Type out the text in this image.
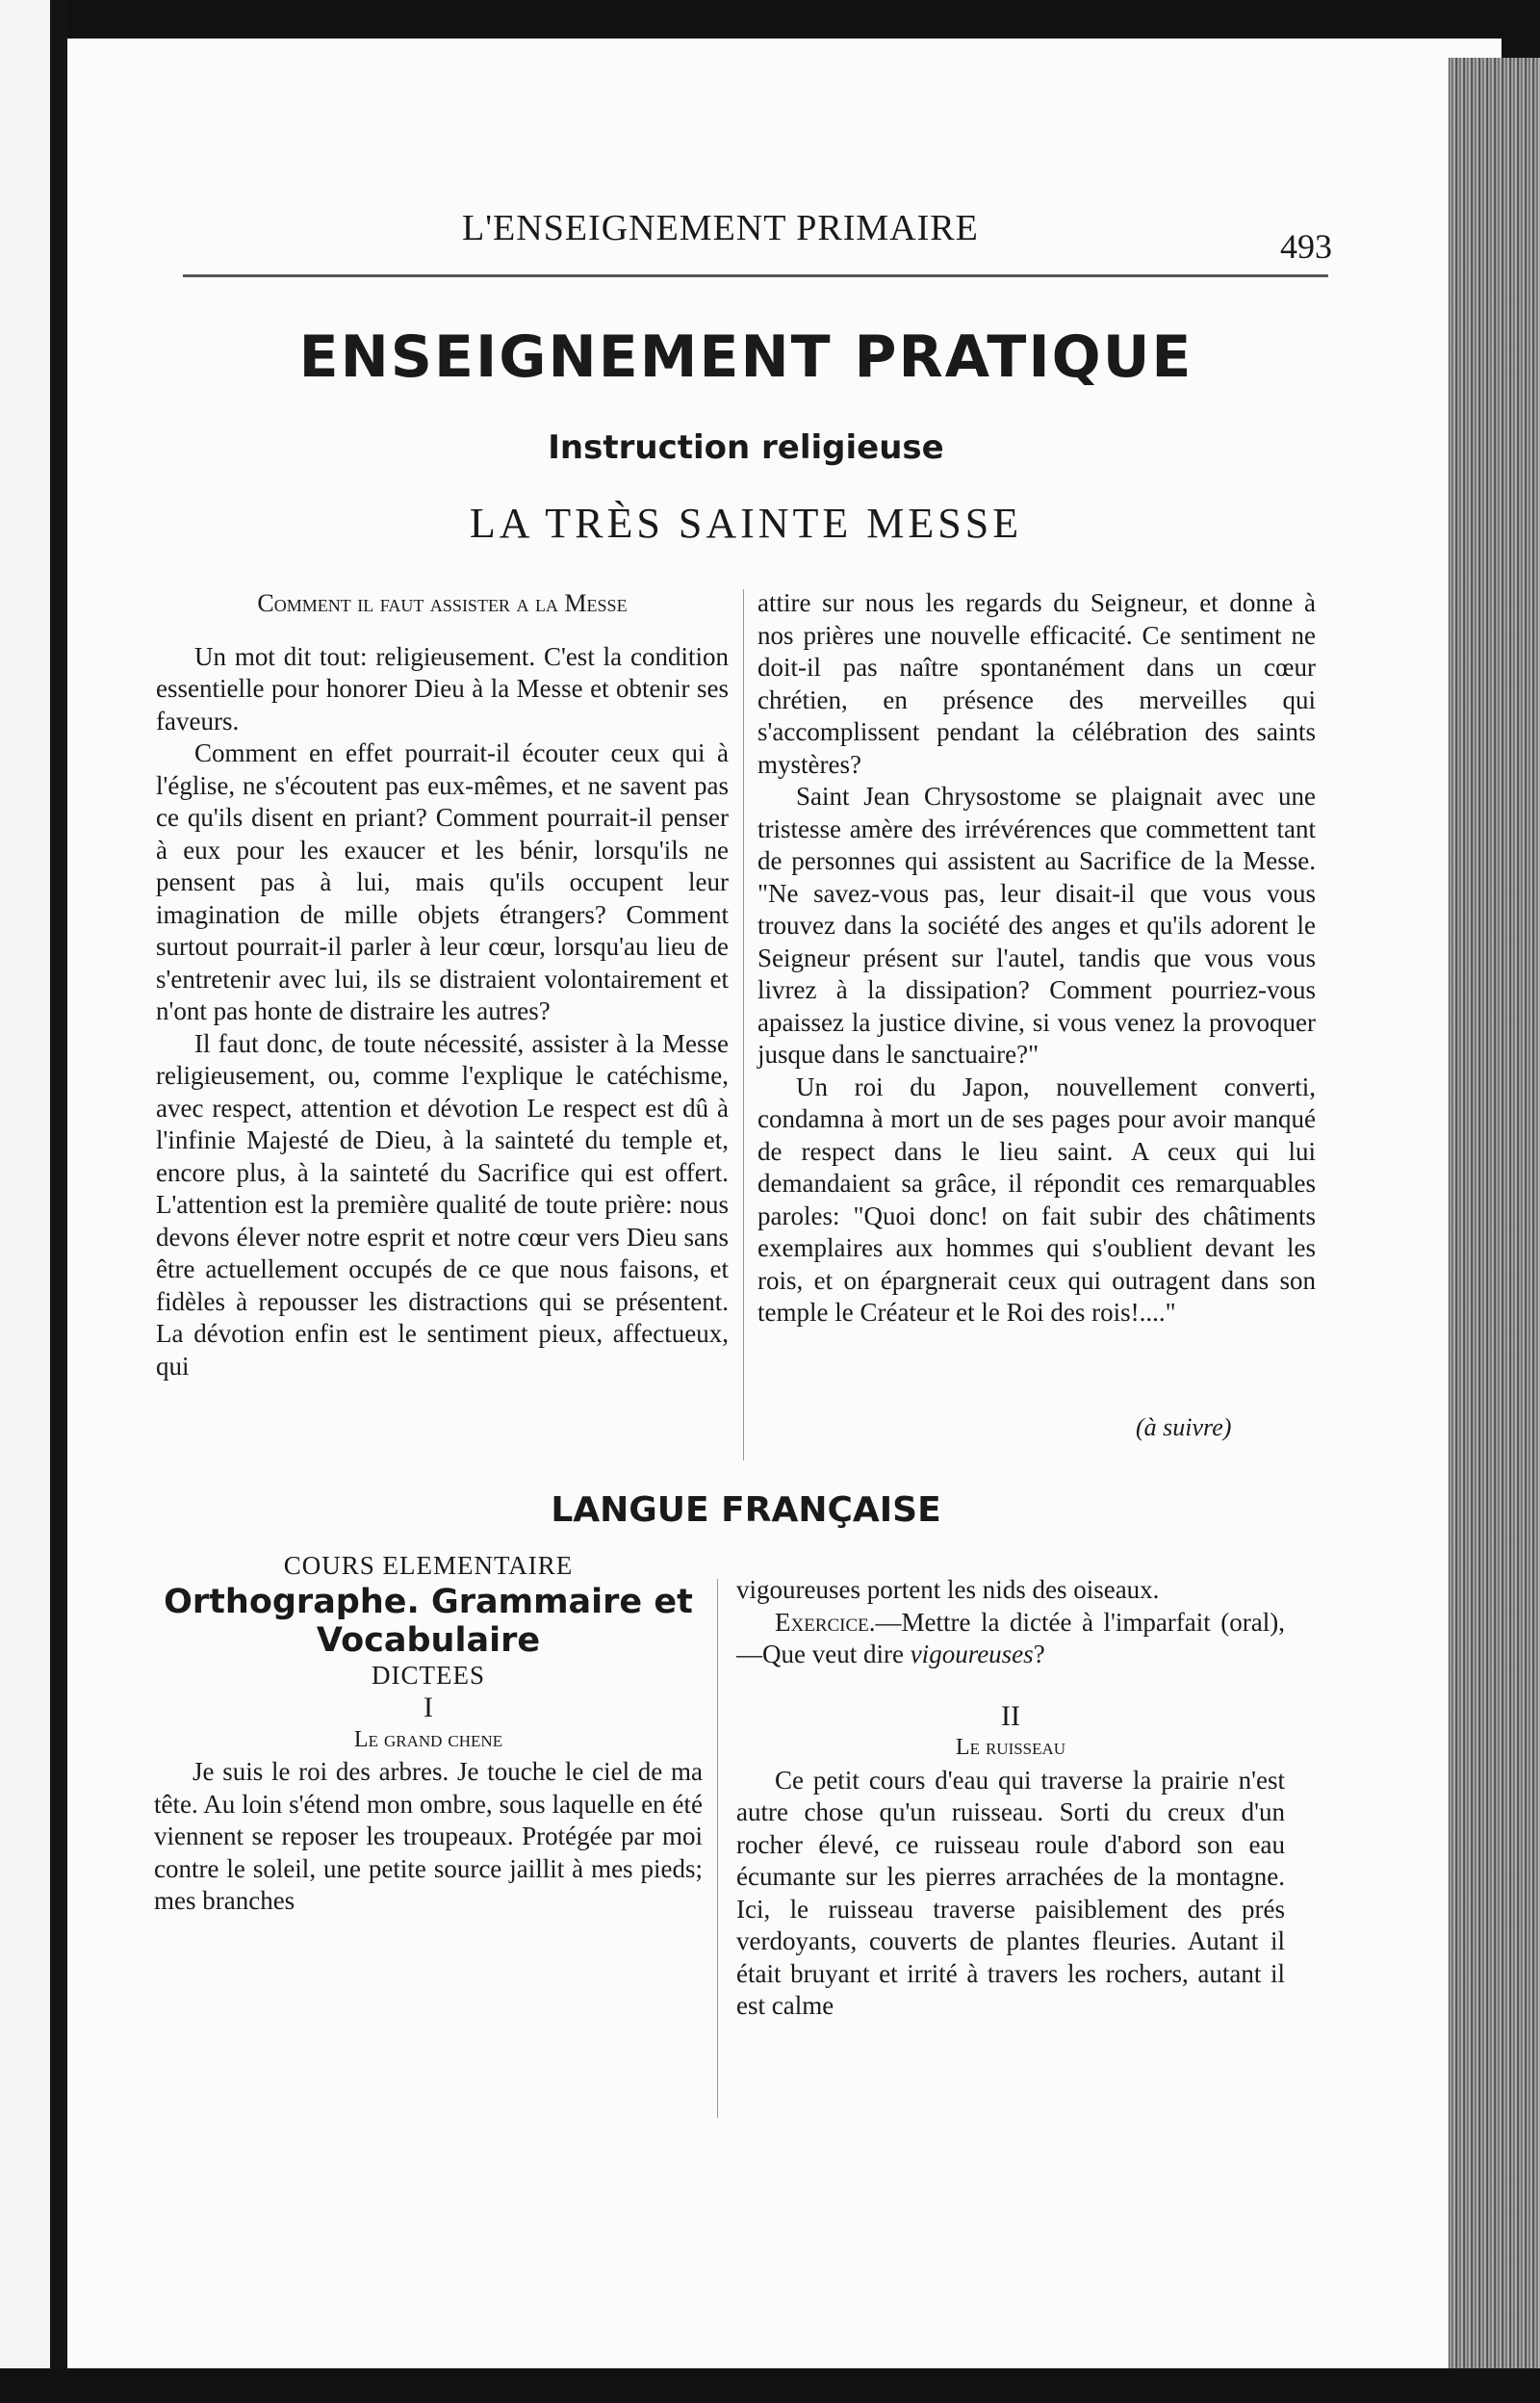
L'ENSEIGNEMENT PRIMAIRE	493
ENSEIGNEMENT PRATIQUE
Instruction religieuse
LA TRÈS SAINTE MESSE

Comment il faut assister a la Messe

Un mot dit tout: religieusement. C'est la condition essentielle pour honorer Dieu à la Messe et obtenir ses faveurs.

Comment en effet pourrait-il écouter ceux qui à l'église, ne s'écoutent pas eux-mêmes, et ne savent pas ce qu'ils disent en priant? Comment pourrait-il penser à eux pour les exaucer et les bénir, lorsqu'ils ne pensent pas à lui, mais qu'ils occupent leur imagination de mille objets étrangers? Comment surtout pourrait-il parler à leur cœur, lorsqu'au lieu de s'entretenir avec lui, ils se distraient volontairement et n'ont pas honte de distraire les autres?

Il faut donc, de toute nécessité, assister à la Messe religieusement, ou, comme l'explique le catéchisme, avec respect, attention et dévotion Le respect est dû à l'infinie Majesté de Dieu, à la sainteté du temple et, encore plus, à la sainteté du Sacrifice qui est offert. L'attention est la première qualité de toute prière: nous devons élever notre esprit et notre cœur vers Dieu sans être actuellement occupés de ce que nous faisons, et fidèles à repousser les distractions qui se présentent. La dévotion enfin est le sentiment pieux, affectueux, qui

attire sur nous les regards du Seigneur, et donne à nos prières une nouvelle efficacité. Ce sentiment ne doit-il pas naître spontanément dans un cœur chrétien, en présence des merveilles qui s'accomplissent pendant la célébration des saints mystères?

Saint Jean Chrysostome se plaignait avec une tristesse amère des irrévérences que commettent tant de personnes qui assistent au Sacrifice de la Messe. "Ne savez-vous pas, leur disait-il que vous vous trouvez dans la société des anges et qu'ils adorent le Seigneur présent sur l'autel, tandis que vous vous livrez à la dissipation? Comment pourriez-vous apaissez la justice divine, si vous venez la provoquer jusque dans le sanctuaire?"

Un roi du Japon, nouvellement converti, condamna à mort un de ses pages pour avoir manqué de respect dans le lieu saint. A ceux qui lui demandaient sa grâce, il répondit ces remarquables paroles: "Quoi donc! on fait subir des châtiments exemplaires aux hommes qui s'oublient devant les rois, et on épargnerait ceux qui outragent dans son temple le Créateur et le Roi des rois!...."

(à suivre)
LANGUE FRANÇAISE

COURS ELEMENTAIRE

Orthographe. Grammaire et Vocabulaire

DICTEES

I

Le grand chene

Je suis le roi des arbres. Je touche le ciel de ma tête. Au loin s'étend mon ombre, sous laquelle en été viennent se reposer les troupeaux. Protégée par moi contre le soleil, une petite source jaillit à mes pieds; mes branches

vigoureuses portent les nids des oiseaux.

Exercice.—Mettre la dictée à l'imparfait (oral),—Que veut dire vigoureuses?

II

Le ruisseau

Ce petit cours d'eau qui traverse la prairie n'est autre chose qu'un ruisseau. Sorti du creux d'un rocher élevé, ce ruisseau roule d'abord son eau écumante sur les pierres arrachées de la montagne. Ici, le ruisseau traverse paisiblement des prés verdoyants, couverts de plantes fleuries. Autant il était bruyant et irrité à travers les rochers, autant il est calme
